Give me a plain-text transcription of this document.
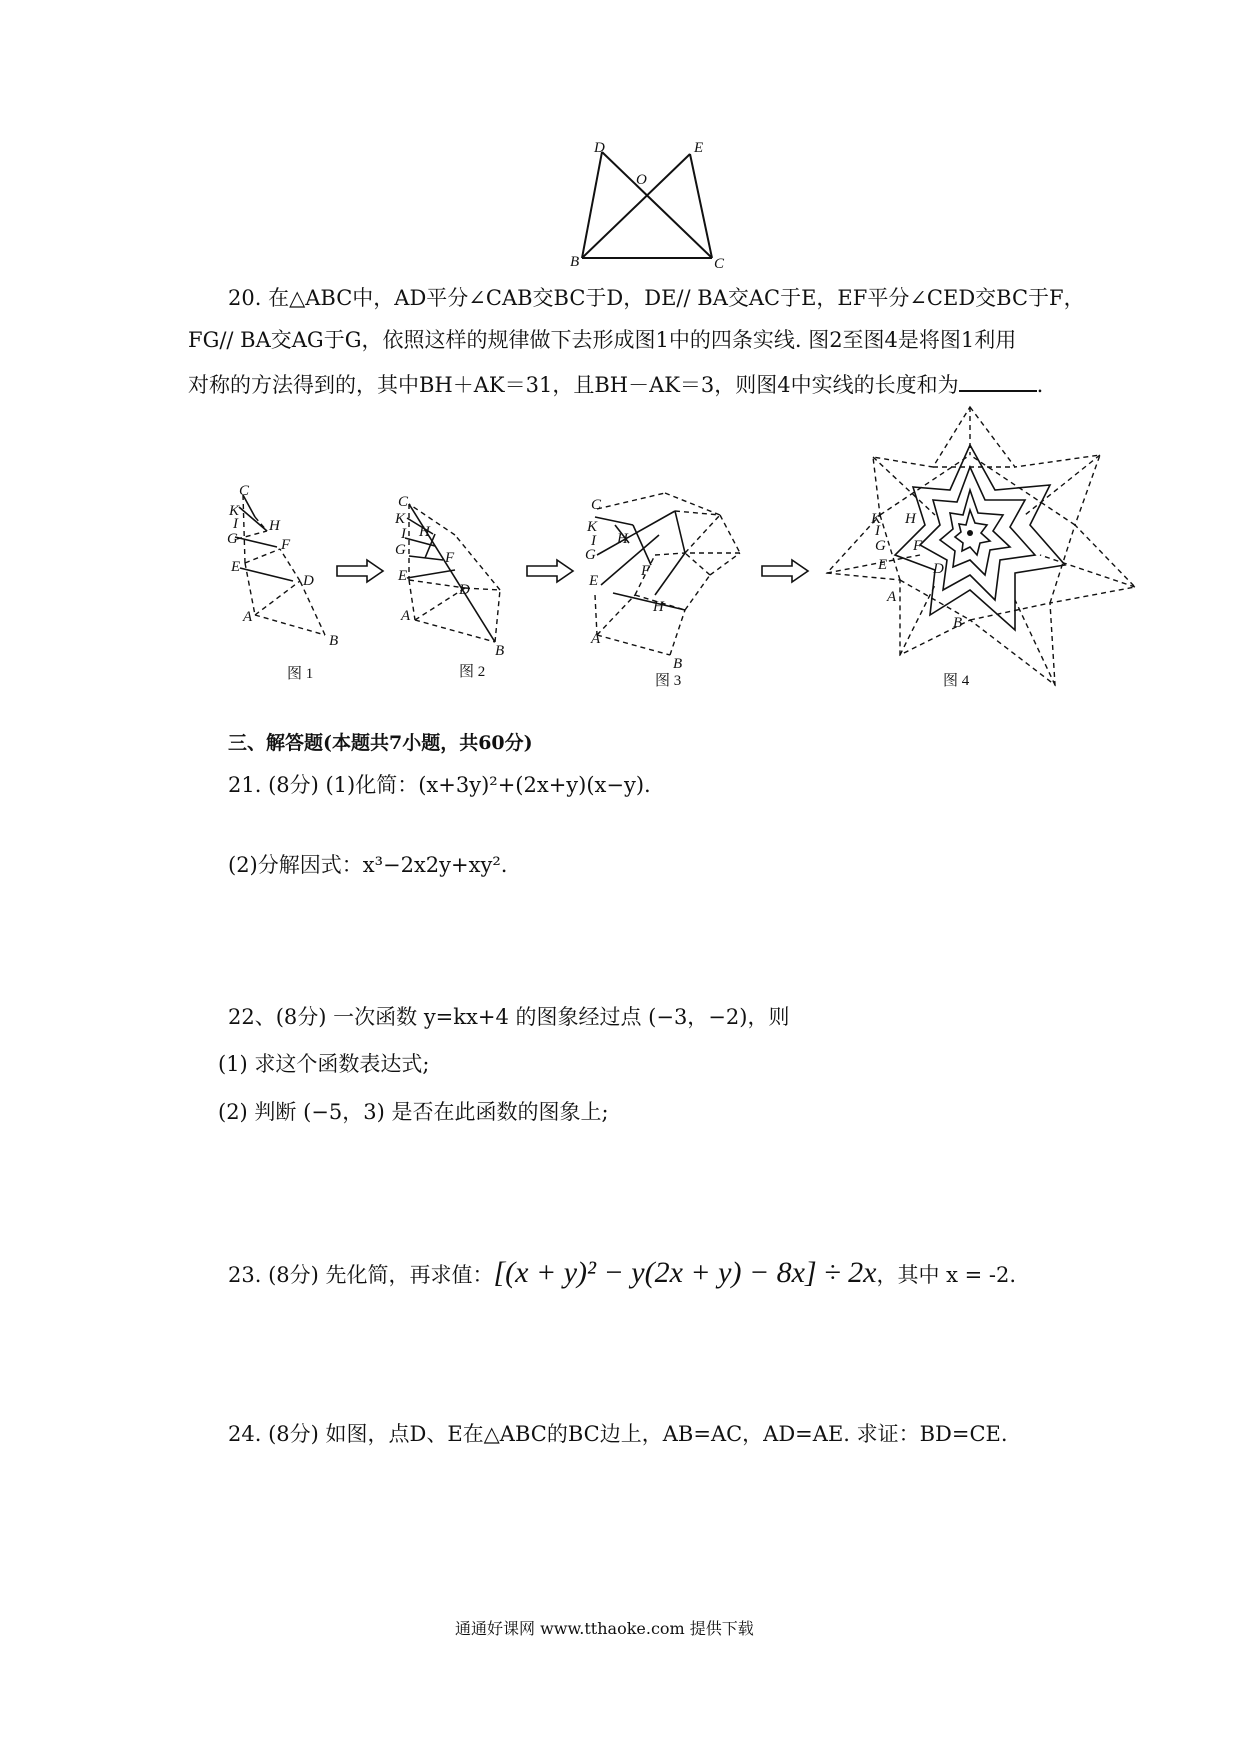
D	E
O
B	C
20. 在△ABC中，AD平分∠CAB交BC于D，DE// BA交AC于E，EF平分∠CED交BC于F，
FG// BA交AG于G，依照这样的规律做下去形成图1中的四条实线. 图2至图4是将图1利用
对称的方法得到的，其中BH＋AK＝31，且BH－AK＝3，则图4中实线的长度和为	.
C
K
I H
G	F
E
D
A
B
图 1
C
K
I H
G	F
E
D
A
B
图 2
C
K
I H
G
F
E
H
A
B
图 3
K
I
H
G F
E	D
A
B
图 4
三、解答题(本题共7小题，共60分)
21. (8分) (1)化简：(x+3y)²+(2x+y)(x−y).
(2)分解因式：x³−2x2y+xy².
22、(8分) 一次函数 y=kx+4 的图象经过点 (−3，−2)，则
(1) 求这个函数表达式;
(2) 判断 (−5，3) 是否在此函数的图象上;
23. (8分) 先化简，再求值：[(x + y)² − y(2x + y) − 8x] ÷ 2x，其中 x = -2.
24. (8分) 如图，点D、E在△ABC的BC边上，AB=AC，AD=AE. 求证：BD=CE.
通通好课网 www.tthaoke.com 提供下载
